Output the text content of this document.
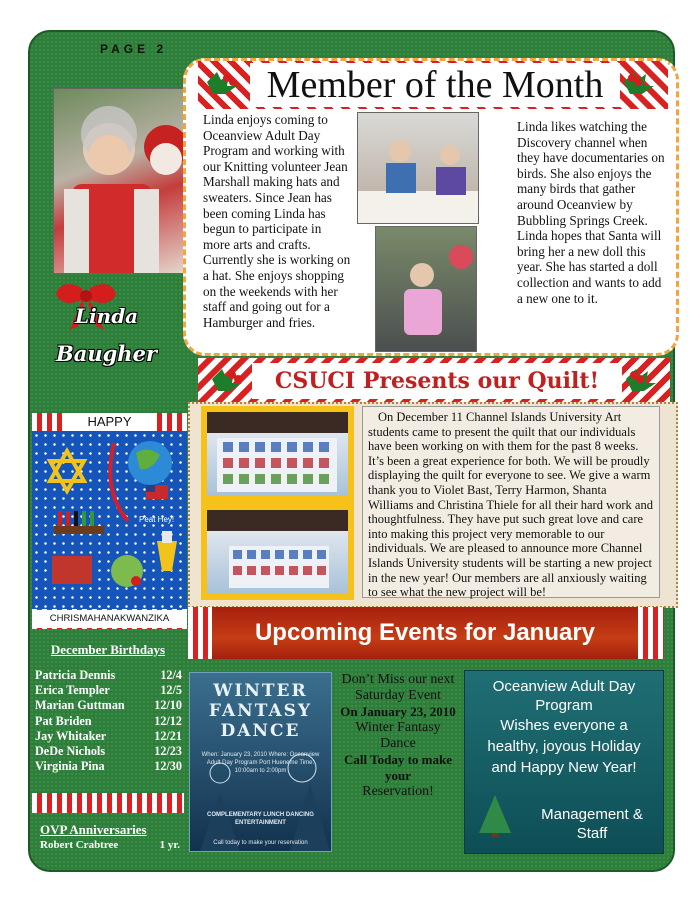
PAGE 2
Linda
Baugher
Member of the Month
Linda enjoys coming to Oceanview Adult Day Program and working with our Knitting volunteer Jean Marshall making hats and sweaters. Since Jean has been coming Linda has begun to participate in more arts and crafts. Currently she is working on a hat. She enjoys shopping on the weekends with her staff and going out for a Hamburger and fries.
Linda likes watching the Discovery channel when they have documentaries on birds. She also enjoys the many birds that gather around Oceanview by Bubbling Springs Creek. Linda hopes that Santa will bring her a new doll this year. She has started a doll collection and wants to add a new one to it.
CSUCI Presents our Quilt!
On December 11 Channel Islands University Art students came to present the quilt that our individuals have been working on with them for the past 8 weeks. It’s been a great experience for both. We will be proudly displaying the quilt for everyone to see. We give a warm thank you to Violet Bast, Terry Harmon, Shanta Williams and Christina Thiele for all their hard work and thoughtfulness. They have put such great love and care into making this project very memorable to our individuals. We are pleased to announce more Channel Islands University students will be starting a new project in the new year! Our members are all anxiously waiting to see what the new project will be!
Upcoming Events for January
WINTER FANTASY DANCE
When: January 23, 2010 Where: Oceanview Adult Day Program Port Hueneme Time: 10:00am to 2:00pm
COMPLEMENTARY LUNCH DANCING ENTERTAINMENT
Call today to make your reservation
Don’t Miss our next
Saturday Event
On January 23, 2010
Winter Fantasy Dance
Call Today to make your
Reservation!
Oceanview Adult Day Program
Wishes everyone a healthy, joyous Holiday and Happy New Year!
Management & Staff
HAPPY
Peat Hey!
CHRISMAHANAKWANZIKA
December Birthdays
Patricia Dennis	12/4
Erica Templer	12/5
Marian Guttman 12/10
Pat Briden	12/12
Jay Whitaker	12/21
DeDe Nichols	12/23
Virginia Pina	12/30
OVP Anniversaries
Robert Crabtree	1 yr.
